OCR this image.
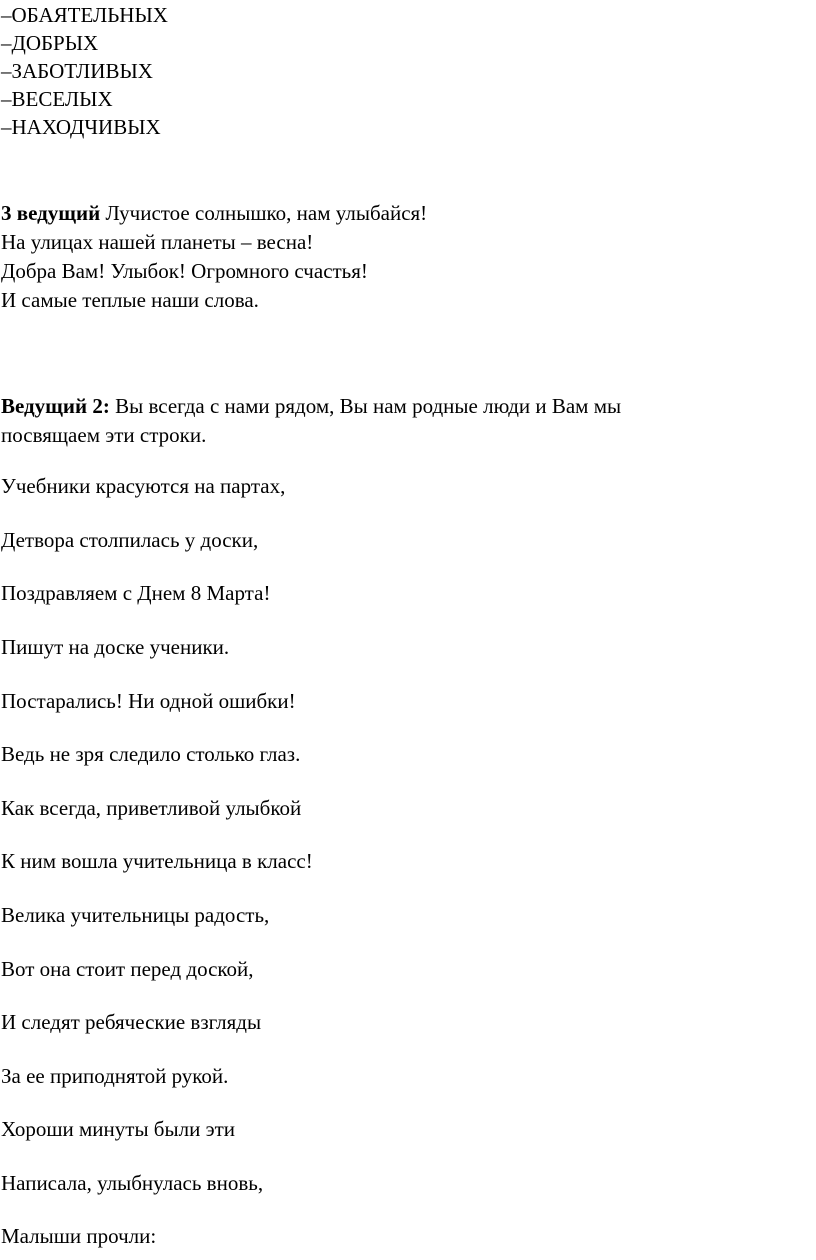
–ОБАЯТЕЛЬНЫХ
–ДОБРЫХ
–ЗАБОТЛИВЫХ
–ВЕСЕЛЫХ
–НАХОДЧИВЫХ
3 ведущий Лучистое солнышко, нам улыбайся!
На улицах нашей планеты – весна!
Добра Вам! Улыбок! Огромного счастья!
И самые теплые наши слова.
Ведущий 2: Вы всегда с нами рядом, Вы нам родные люди и Вам мы
посвящаем эти строки.
Учебники красуются на партах,
Детвора столпилась у доски,
Поздравляем с Днем 8 Марта!
Пишут на доске ученики.
Постарались! Ни одной ошибки!
Ведь не зря следило столько глаз.
Как всегда, приветливой улыбкой
К ним вошла учительница в класс!
Велика учительницы радость,
Вот она стоит перед доской,
И следят ребяческие взгляды
За ее приподнятой рукой.
Хороши минуты были эти
Написала, улыбнулась вновь,
Малыши прочли:
